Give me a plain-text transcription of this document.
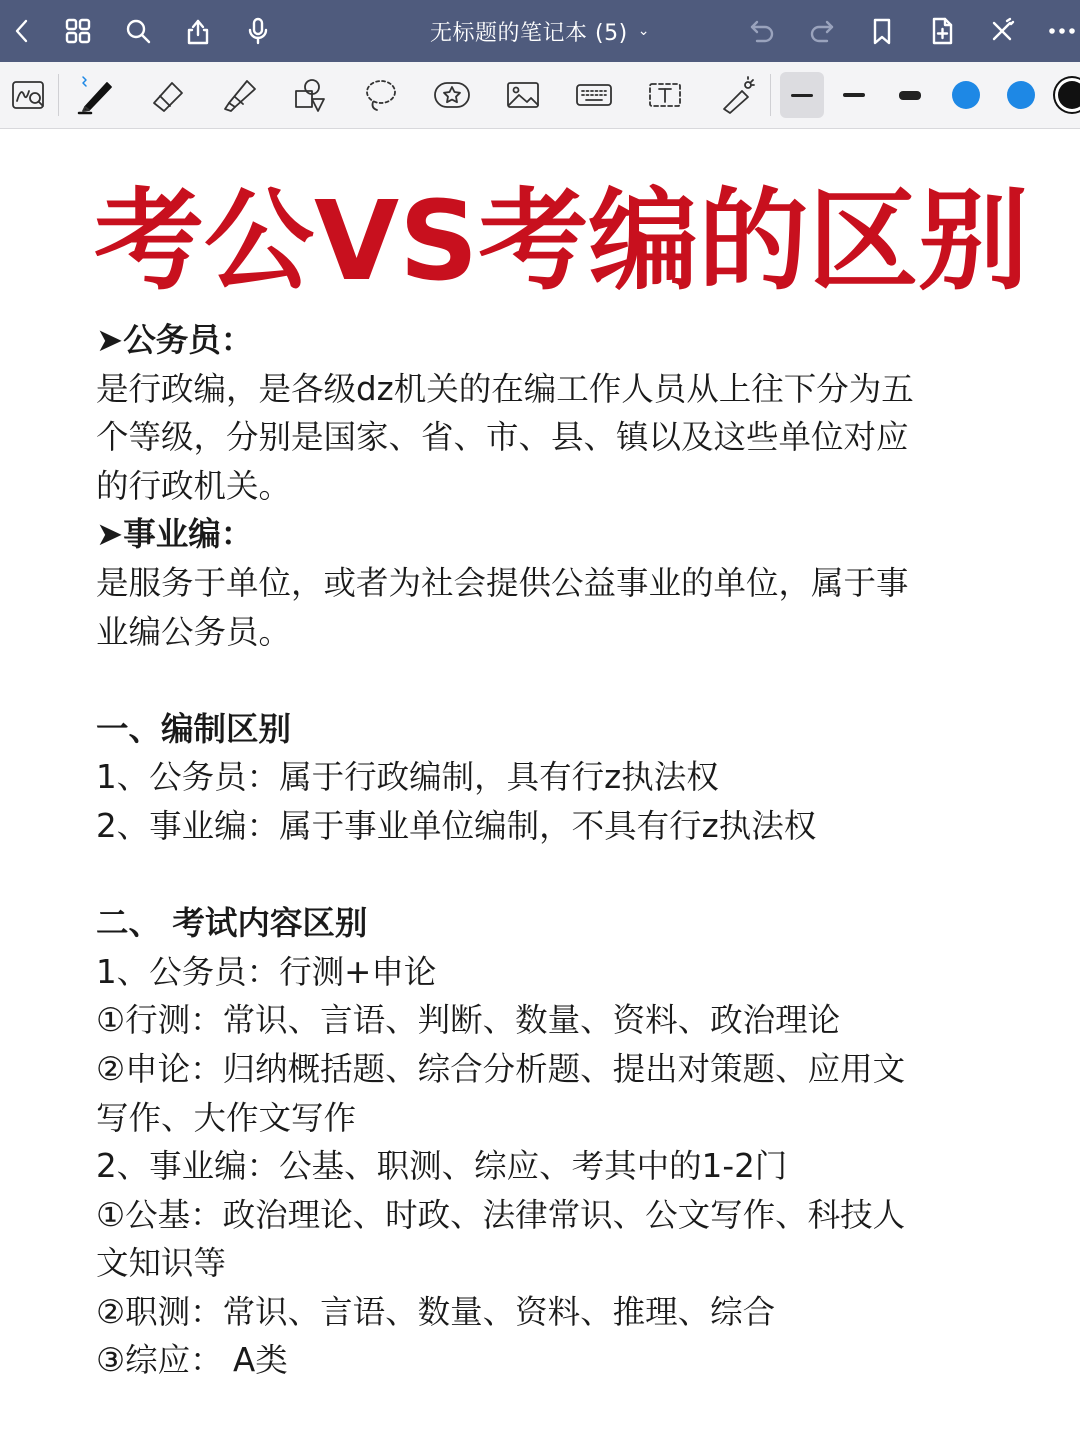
无标题的笔记本 (5) ⌄
考公VS考编的区别

➤公务员：

是行政编，是各级dz机关的在编工作人员从上往下分为五

个等级，分别是国家、省、市、县、镇以及这些单位对应

的行政机关。

➤事业编：

是服务于单位，或者为社会提供公益事业的单位，属于事

业编公务员。

一、编制区别

1、公务员：属于行政编制，具有行z执法权

2、事业编：属于事业单位编制，不具有行z执法权

二、 考试内容区别

1、公务员：行测+申论

①行测：常识、言语、判断、数量、资料、政治理论

②申论：归纳概括题、综合分析题、提出对策题、应用文

写作、大作文写作

2、事业编：公基、职测、综应、考其中的1-2门

①公基：政治理论、时政、法律常识、公文写作、科技人

文知识等

②职测：常识、言语、数量、资料、推理、综合

③综应： A类
